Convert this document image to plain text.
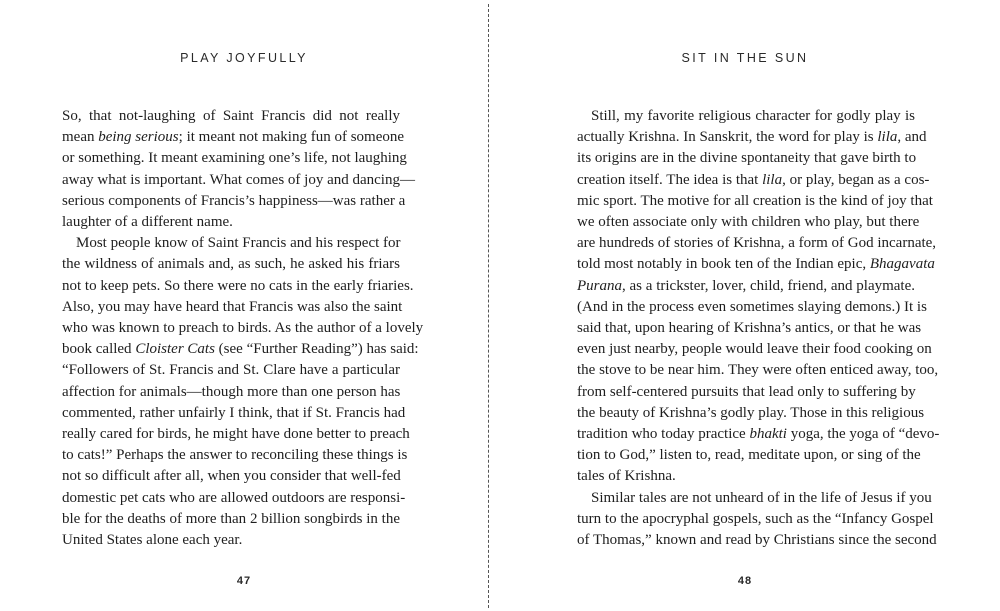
PLAY JOYFULLY
So, that not-laughing of Saint Francis did not really
mean being serious; it meant not making fun of someone
or something. It meant examining one’s life, not laughing
away what is important. What comes of joy and dancing—
serious components of Francis’s happiness—was rather a
laughter of a different name.
Most people know of Saint Francis and his respect for
the wildness of animals and, as such, he asked his friars
not to keep pets. So there were no cats in the early friaries.
Also, you may have heard that Francis was also the saint
who was known to preach to birds. As the author of a lovely
book called Cloister Cats (see “Further Reading”) has said:
“Followers of St. Francis and St. Clare have a particular
affection for animals—though more than one person has
commented, rather unfairly I think, that if St. Francis had
really cared for birds, he might have done better to preach
to cats!” Perhaps the answer to reconciling these things is
not so difficult after all, when you consider that well-fed
domestic pet cats who are allowed outdoors are responsi-
ble for the deaths of more than 2 billion songbirds in the
United States alone each year.
47
SIT IN THE SUN
Still, my favorite religious character for godly play is
actually Krishna. In Sanskrit, the word for play is lila, and
its origins are in the divine spontaneity that gave birth to
creation itself. The idea is that lila, or play, began as a cos-
mic sport. The motive for all creation is the kind of joy that
we often associate only with children who play, but there
are hundreds of stories of Krishna, a form of God incarnate,
told most notably in book ten of the Indian epic, Bhagavata
Purana, as a trickster, lover, child, friend, and playmate.
(And in the process even sometimes slaying demons.) It is
said that, upon hearing of Krishna’s antics, or that he was
even just nearby, people would leave their food cooking on
the stove to be near him. They were often enticed away, too,
from self-centered pursuits that lead only to suffering by
the beauty of Krishna’s godly play. Those in this religious
tradition who today practice bhakti yoga, the yoga of “devo-
tion to God,” listen to, read, meditate upon, or sing of the
tales of Krishna.
Similar tales are not unheard of in the life of Jesus if you
turn to the apocryphal gospels, such as the “Infancy Gospel
of Thomas,” known and read by Christians since the second
48
